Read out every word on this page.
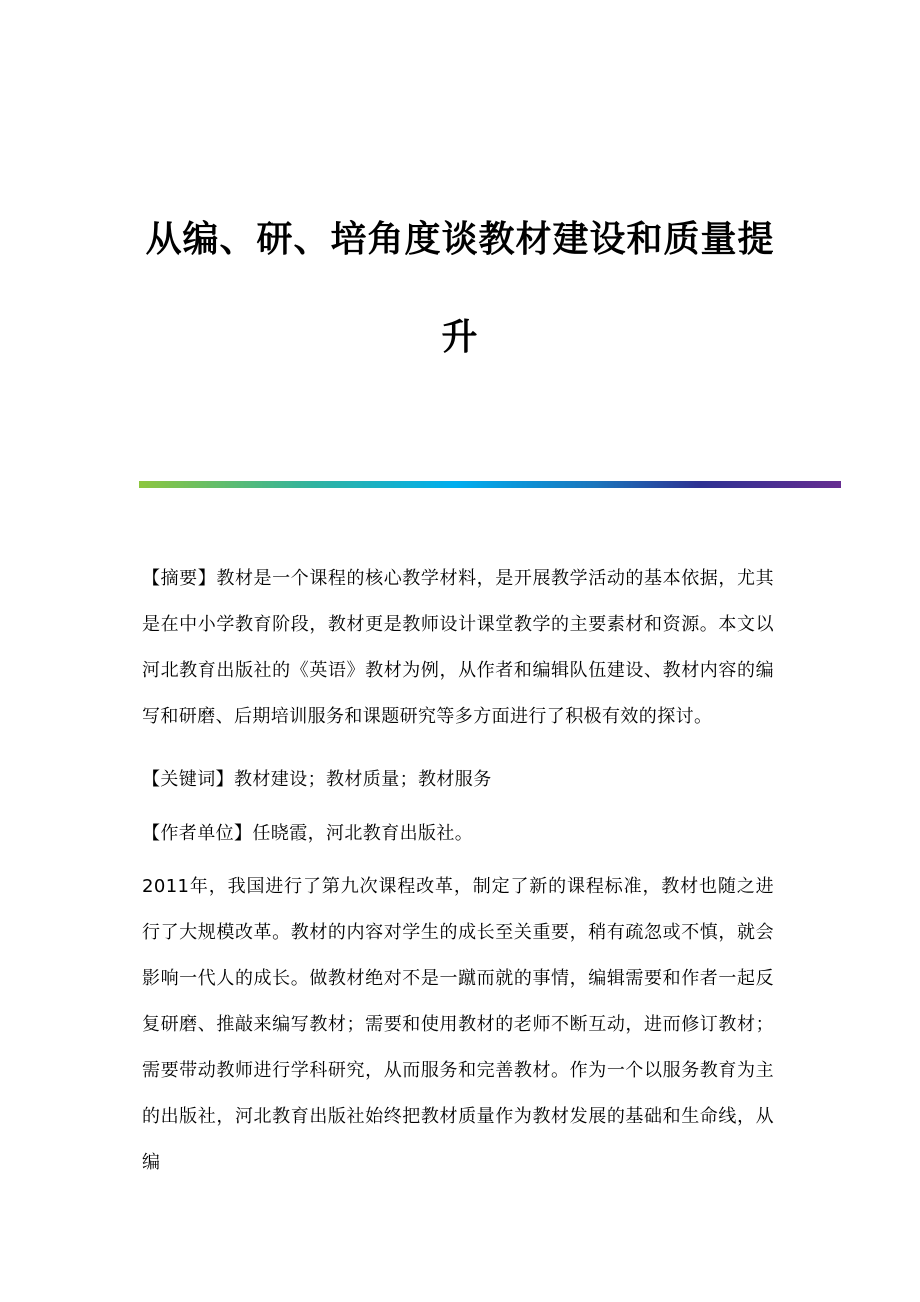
从编、研、培角度谈教材建设和质量提
升
【摘要】教材是一个课程的核心教学材料，是开展教学活动的基本依据，尤其是在中小学教育阶段，教材更是教师设计课堂教学的主要素材和资源。本文以河北教育出版社的《英语》教材为例，从作者和编辑队伍建设、教材内容的编写和研磨、后期培训服务和课题研究等多方面进行了积极有效的探讨。
【关键词】教材建设；教材质量；教材服务
【作者单位】任晓霞，河北教育出版社。
2011年，我国进行了第九次课程改革，制定了新的课程标准，教材也随之进行了大规模改革。教材的内容对学生的成长至关重要，稍有疏忽或不慎，就会影响一代人的成长。做教材绝对不是一蹴而就的事情，编辑需要和作者一起反复研磨、推敲来编写教材；需要和使用教材的老师不断互动，进而修订教材；需要带动教师进行学科研究，从而服务和完善教材。作为一个以服务教育为主的出版社，河北教育出版社始终把教材质量作为教材发展的基础和生命线，从编
